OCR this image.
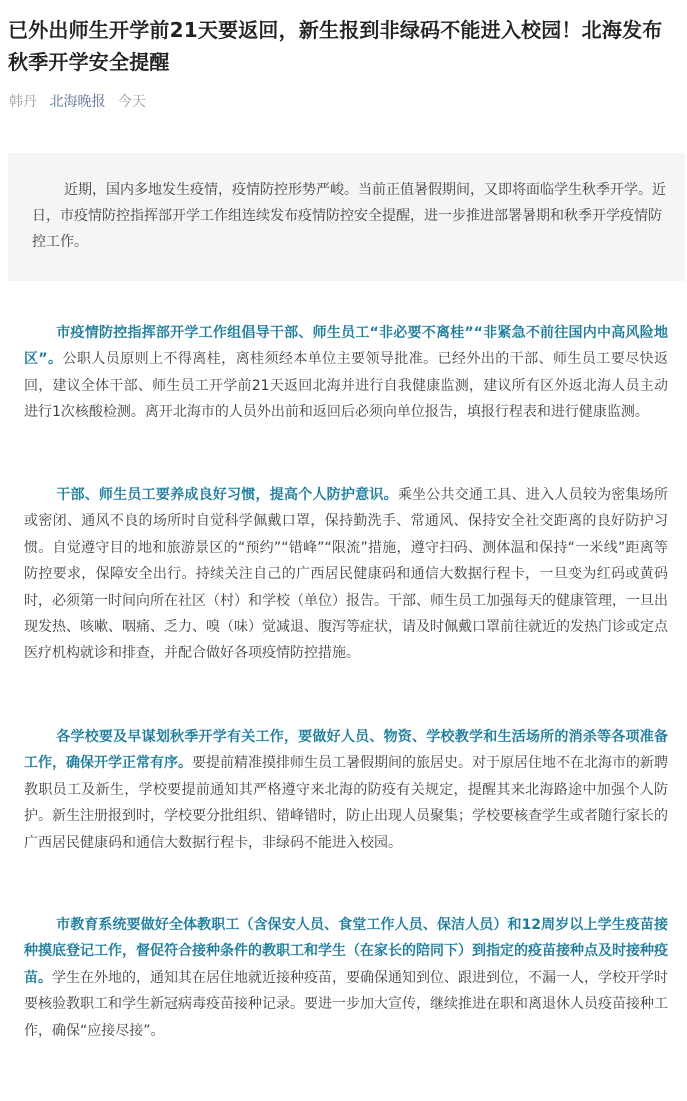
已外出师生开学前21天要返回，新生报到非绿码不能进入校园！北海发布秋季开学安全提醒
韩丹 北海晚报 今天
近期，国内多地发生疫情，疫情防控形势严峻。当前正值暑假期间，又即将面临学生秋季开学。近日，市疫情防控指挥部开学工作组连续发布疫情防控安全提醒，进一步推进部署暑期和秋季开学疫情防控工作。

市疫情防控指挥部开学工作组倡导干部、师生员工“非必要不离桂”“非紧急不前往国内中高风险地区”。公职人员原则上不得离桂，离桂须经本单位主要领导批准。已经外出的干部、师生员工要尽快返回，建议全体干部、师生员工开学前21天返回北海并进行自我健康监测，建议所有区外返北海人员主动进行1次核酸检测。离开北海市的人员外出前和返回后必须向单位报告，填报行程表和进行健康监测。

干部、师生员工要养成良好习惯，提高个人防护意识。乘坐公共交通工具、进入人员较为密集场所或密闭、通风不良的场所时自觉科学佩戴口罩，保持勤洗手、常通风、保持安全社交距离的良好防护习惯。自觉遵守目的地和旅游景区的“预约”“错峰”“限流”措施，遵守扫码、测体温和保持“一米线”距离等防控要求，保障安全出行。持续关注自己的广西居民健康码和通信大数据行程卡，一旦变为红码或黄码时，必须第一时间向所在社区（村）和学校（单位）报告。干部、师生员工加强每天的健康管理，一旦出现发热、咳嗽、咽痛、乏力、嗅（味）觉减退、腹泻等症状，请及时佩戴口罩前往就近的发热门诊或定点医疗机构就诊和排查，并配合做好各项疫情防控措施。

各学校要及早谋划秋季开学有关工作，要做好人员、物资、学校教学和生活场所的消杀等各项准备工作，确保开学正常有序。要提前精准摸排师生员工暑假期间的旅居史。对于原居住地不在北海市的新聘教职员工及新生，学校要提前通知其严格遵守来北海的防疫有关规定，提醒其来北海路途中加强个人防护。新生注册报到时，学校要分批组织、错峰错时，防止出现人员聚集；学校要核查学生或者随行家长的广西居民健康码和通信大数据行程卡，非绿码不能进入校园。

市教育系统要做好全体教职工（含保安人员、食堂工作人员、保洁人员）和12周岁以上学生疫苗接种摸底登记工作，督促符合接种条件的教职工和学生（在家长的陪同下）到指定的疫苗接种点及时接种疫苗。学生在外地的，通知其在居住地就近接种疫苗，要确保通知到位、跟进到位，不漏一人，学校开学时要核验教职工和学生新冠病毒疫苗接种记录。要进一步加大宣传，继续推进在职和离退休人员疫苗接种工作，确保“应接尽接”。
